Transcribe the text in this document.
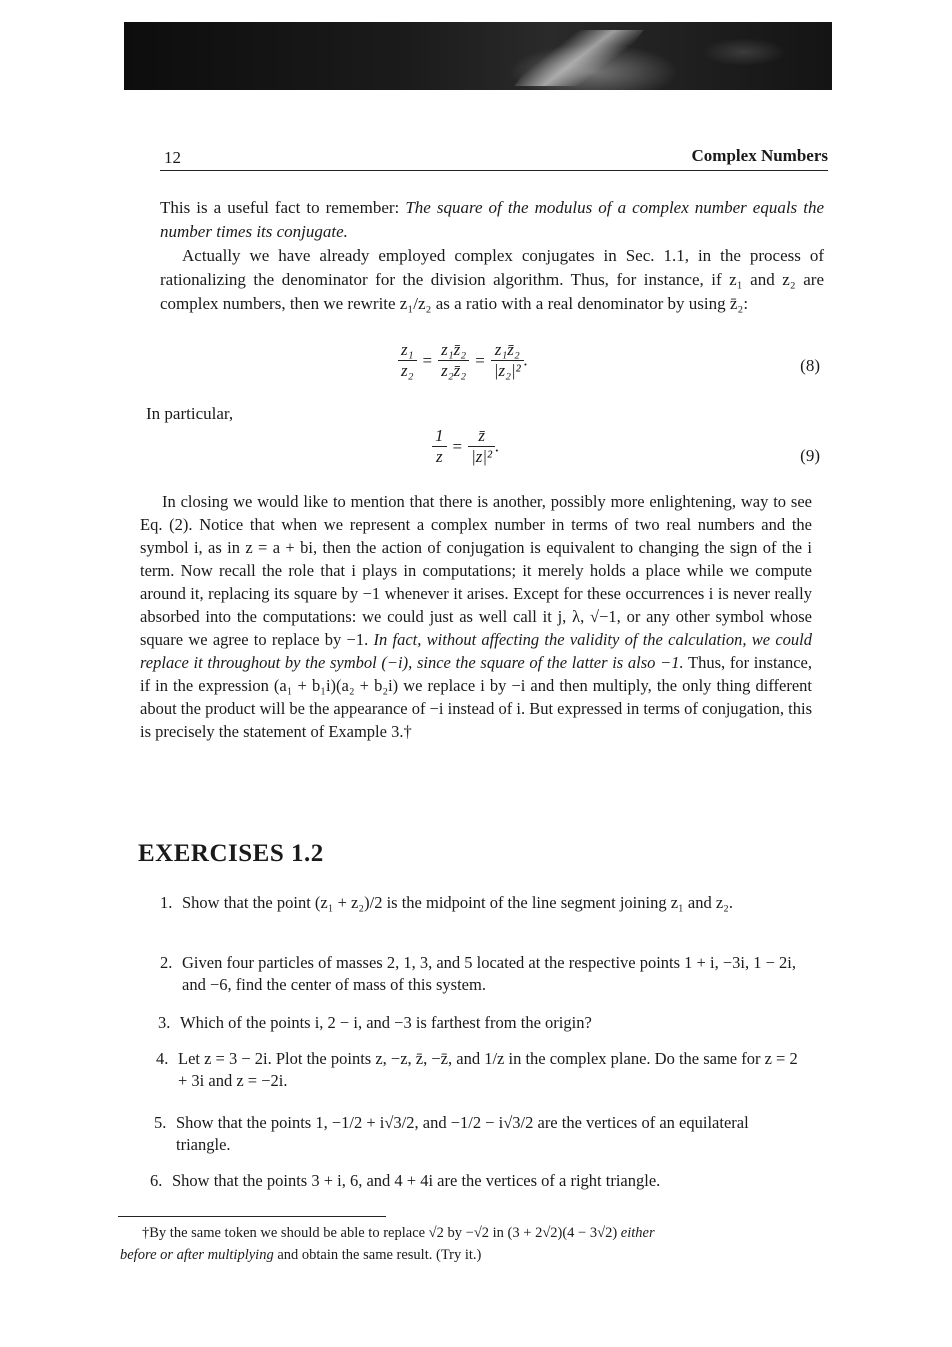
12	Complex Numbers
This is a useful fact to remember: The square of the modulus of a complex number equals the number times its conjugate.
Actually we have already employed complex conjugates in Sec. 1.1, in the process of rationalizing the denominator for the division algorithm. Thus, for instance, if z₁ and z₂ are complex numbers, then we rewrite z₁/z₂ as a ratio with a real denominator by using z̄₂:
$\frac{\text{z₁}}{\text{z₂}} = \frac{\text{z₁z̄₂}}{\text{z₂z̄₂}} = \frac{\text{z₁z̄₂}}{\text{|z₂|²}}$ .	(8)
In particular,
$\frac{1}{z} = \frac{z̄}{\text{|z|²}}$ .	(9)
In closing we would like to mention that there is another, possibly more enlightening, way to see Eq. (2). Notice that when we represent a complex number in terms of two real numbers and the symbol i, as in z = a + bi, then the action of conjugation is equivalent to changing the sign of the i term. Now recall the role that i plays in computations; it merely holds a place while we compute around it, replacing its square by −1 whenever it arises. Except for these occurrences i is never really absorbed into the computations: we could just as well call it j, λ, √−1, or any other symbol whose square we agree to replace by −1. In fact, without affecting the validity of the calculation, we could replace it throughout by the symbol (−i), since the square of the latter is also −1. Thus, for instance, if in the expression (a₁ + b₁i)(a₂ + b₂i) we replace i by −i and then multiply, the only thing different about the product will be the appearance of −i instead of i. But expressed in terms of conjugation, this is precisely the statement of Example 3.†
EXERCISES 1.2
1. Show that the point (z₁ + z₂)/2 is the midpoint of the line segment joining z₁ and z₂.
2. Given four particles of masses 2, 1, 3, and 5 located at the respective points 1 + i, −3i, 1 − 2i, and −6, find the center of mass of this system.
3. Which of the points i, 2 − i, and −3 is farthest from the origin?
4. Let z = 3 − 2i. Plot the points z, −z, z̄, −z̄, and 1/z in the complex plane. Do the same for z = 2 + 3i and z = −2i.
5. Show that the points 1, −1/2 + i√3/2, and −1/2 − i√3/2 are the vertices of an equilateral triangle.
6. Show that the points 3 + i, 6, and 4 + 4i are the vertices of a right triangle.
†By the same token we should be able to replace √2 by −√2 in (3 + 2√2)(4 − 3√2) either
before or after multiplying and obtain the same result. (Try it.)
